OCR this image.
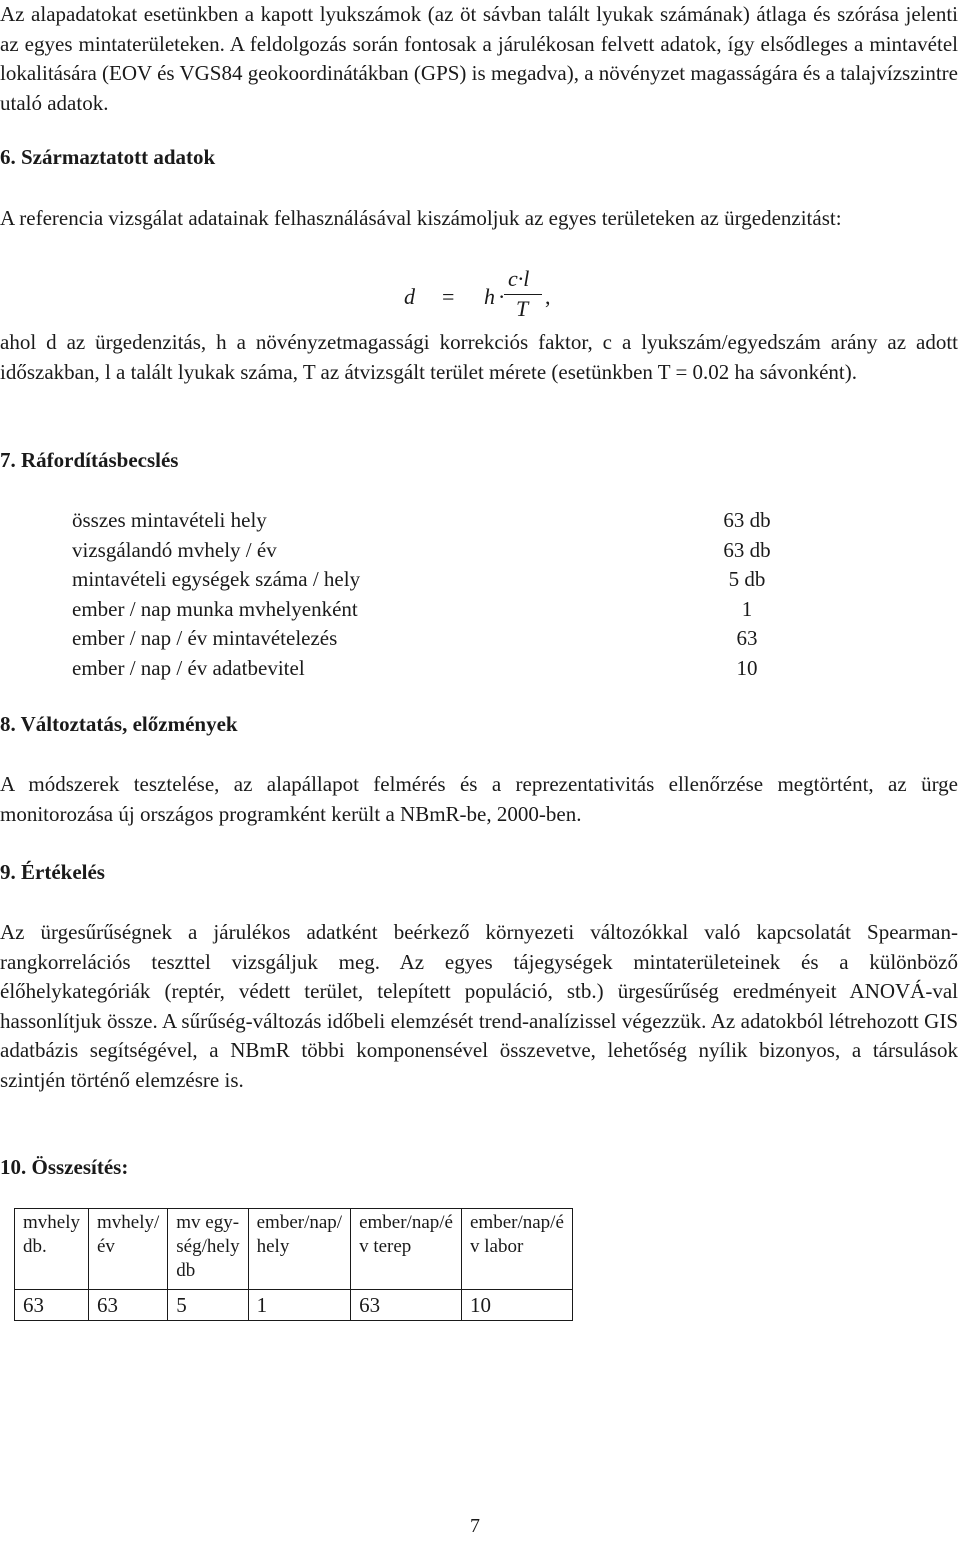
Az alapadatokat esetünkben a kapott lyukszámok (az öt sávban talált lyukak számának) átlaga és szórása jelenti az egyes mintaterületeken. A feldolgozás során fontosak a járulékosan felvett adatok, így elsődleges a mintavétel lokalitására (EOV és VGS84 geokoordinátákban (GPS) is megadva), a növényzet magasságára és a talajvízszintre utaló adatok.

6. Származtatott adatok

A referencia vizsgálat adatainak felhasználásával kiszámoljuk az egyes területeken az ürgedenzitást:

d = h ·
c·l
T ,

ahol d az ürgedenzitás, h a növényzetmagassági korrekciós faktor, c a lyukszám/egyedszám arány az adott időszakban, l a talált lyukak száma, T az átvizsgált terület mérete (esetünkben T = 0.02 ha sávonként).

7. Ráfordításbecslés
összes mintavételi hely	63 db
vizsgálandó mvhely / év	63 db
mintavételi egységek száma / hely	5 db
ember / nap munka mvhelyenként	1
ember / nap / év mintavételezés	63
ember / nap / év adatbevitel	10
8. Változtatás, előzmények

A módszerek tesztelése, az alapállapot felmérés és a reprezentativitás ellenőrzése megtörtént, az ürge monitorozása új országos programként került a NBmR-be, 2000-ben.

9. Értékelés

Az ürgesűrűségnek a járulékos adatként beérkező környezeti változókkal való kapcsolatát Spearman-rangkorrelációs teszttel vizsgáljuk meg. Az egyes tájegységek mintaterületeinek és a különböző élőhelykategóriák (reptér, védett terület, telepített populáció, stb.) ürgesűrűség eredményeit ANOVÁ-val hassonlítjuk össze. A sűrűség-változás időbeli elemzését trend-analízissel végezzük. Az adatokból létrehozott GIS adatbázis segítségével, a NBmR többi komponensével összevetve, lehetőség nyílik bizonyos, a társulások szintjén történő elemzésre is.

10. Összesítés:
mvhely
db.	mvhely/
év	mv egy-
ség/hely
db	ember/nap/
hely	ember/nap/é
v terep	ember/nap/é
v labor
63	63	5	1	63	10
7
